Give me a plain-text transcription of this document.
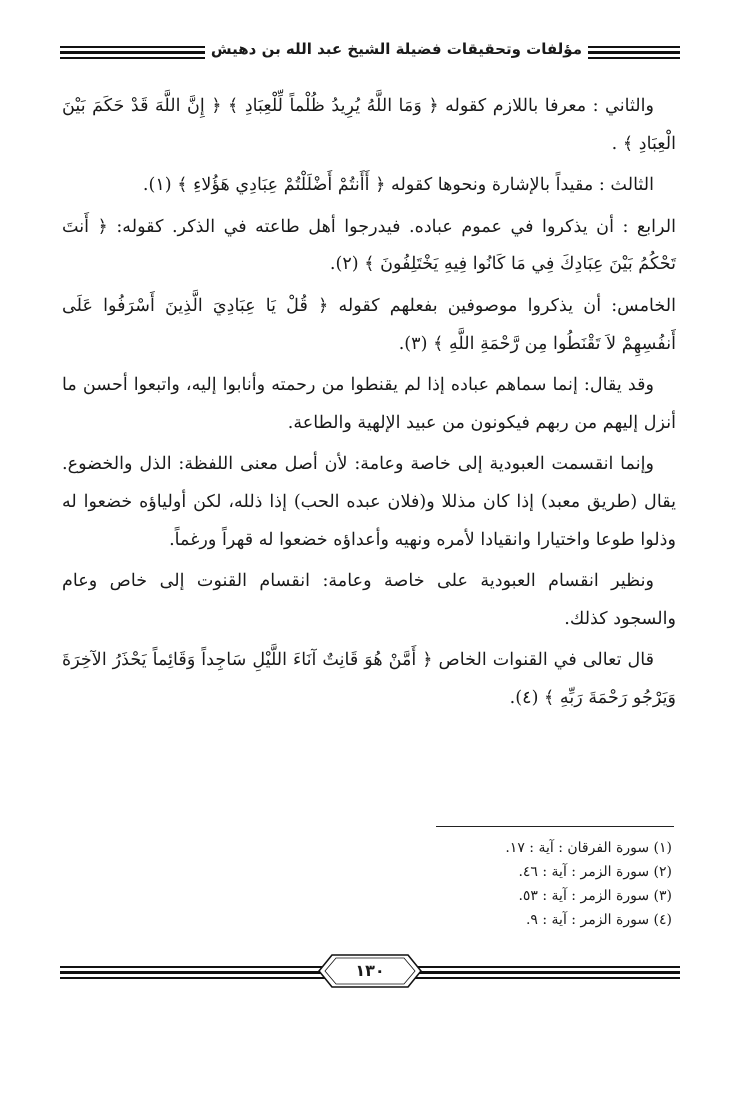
مؤلفات وتحقيقات فضيلة الشيخ عبد الله بن دهيش

والثاني : معرفا باللازم كقوله ﴿ وَمَا اللَّهُ يُرِيدُ ظُلْماً لِّلْعِبَادِ ﴾ ﴿ إِنَّ اللَّهَ قَدْ حَكَمَ بَيْنَ الْعِبَادِ ﴾ .

الثالث : مقيداً بالإشارة ونحوها كقوله ﴿ أَأَنتُمْ أَضْلَلْتُمْ عِبَادِي هَؤُلاءِ ﴾ (١).

الرابع : أن يذكروا في عموم عباده. فيدرجوا أهل طاعته في الذكر. كقوله: ﴿ أَنتَ تَحْكُمُ بَيْنَ عِبَادِكَ فِي مَا كَانُوا فِيهِ يَخْتَلِفُونَ ﴾ (٢).

الخامس: أن يذكروا موصوفين بفعلهم كقوله ﴿ قُلْ يَا عِبَادِيَ الَّذِينَ أَسْرَفُوا عَلَى أَنفُسِهِمْ لاَ تَقْنَطُوا مِن رَّحْمَةِ اللَّهِ ﴾ (٣).

وقد يقال: إنما سماهم عباده إذا لم يقنطوا من رحمته وأنابوا إليه، واتبعوا أحسن ما أنزل إليهم من ربهم فيكونون من عبيد الإلهية والطاعة.

وإنما انقسمت العبودية إلى خاصة وعامة: لأن أصل معنى اللفظة: الذل والخضوع. يقال (طريق معبد) إذا كان مذللا و(فلان عبده الحب) إذا ذلله، لكن أولياؤه خضعوا له وذلوا طوعا واختيارا وانقيادا لأمره ونهيه وأعداؤه خضعوا له قهراً ورغماً.

ونظير انقسام العبودية على خاصة وعامة: انقسام القنوت إلى خاص وعام والسجود كذلك.

قال تعالى في القنوات الخاص ﴿ أَمَّنْ هُوَ قَانِتٌ آنَاءَ اللَّيْلِ سَاجِداً وَقَائِماً يَحْذَرُ الآخِرَةَ وَيَرْجُو رَحْمَةَ رَبِّهِ ﴾ (٤).

(١) سورة الفرقان : آية : ١٧.
(٢) سورة الزمر : آية : ٤٦.
(٣) سورة الزمر : آية : ٥٣.
(٤) سورة الزمر : آية : ٩.
١٣٠
